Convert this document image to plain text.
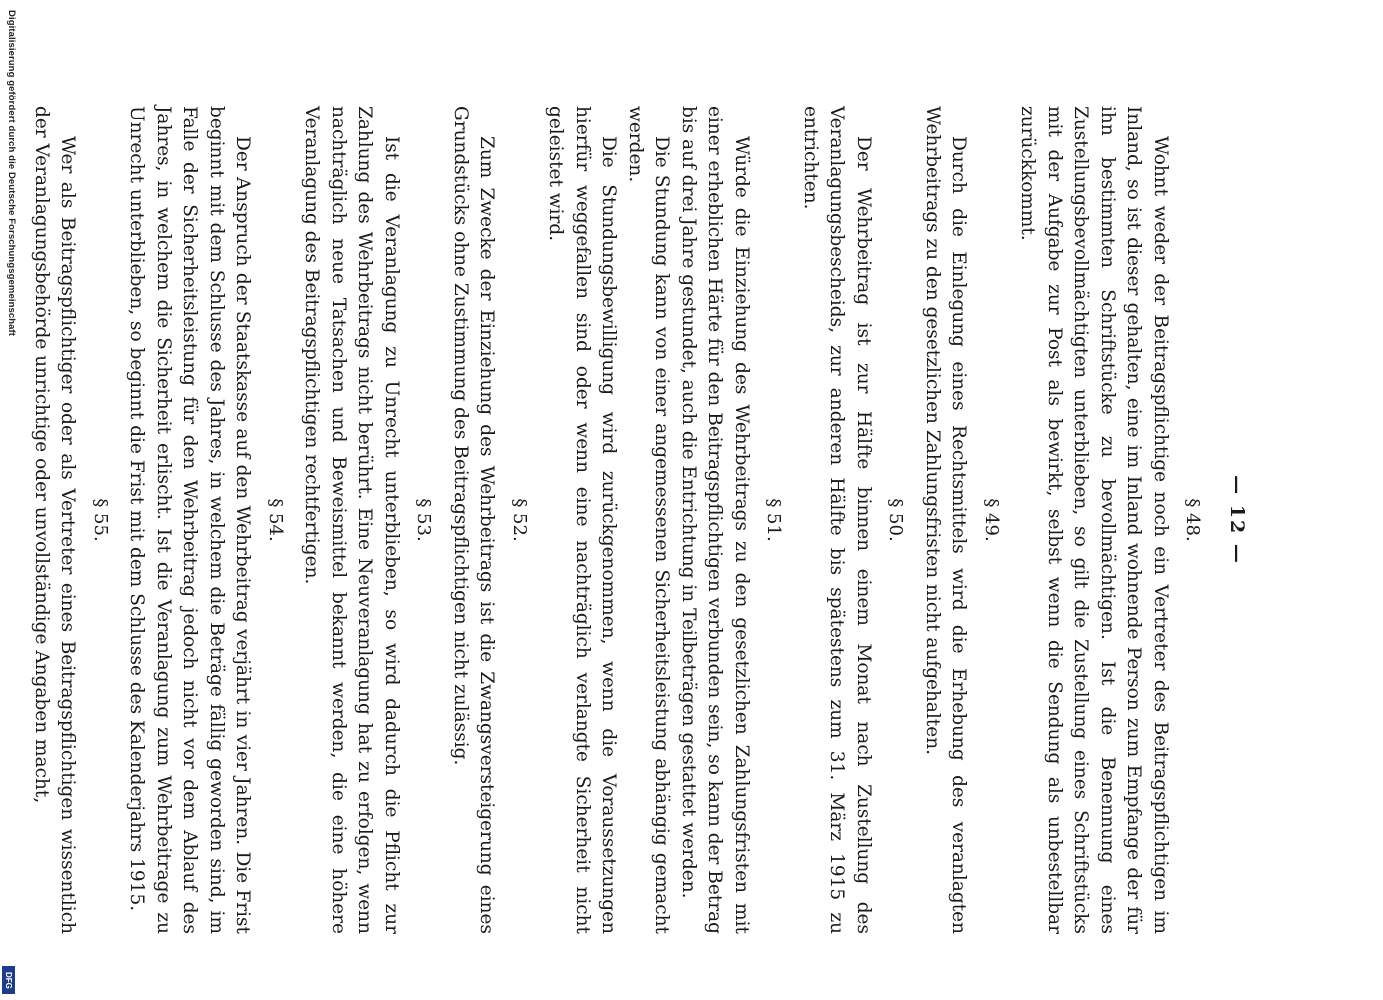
Digitalisierung gefördert durch die Deutsche Forschungsgemeinschaft
DFG
— 12 —
§ 48.

Wohnt weder der Beitragspflichtige noch ein Vertreter des Beitragspflichtigen im Inland, so ist dieser gehalten, eine im Inland wohnende Person zum Empfange der für ihn bestimmten Schriftstücke zu bevollmächtigen. Ist die Benennung eines Zustellungsbevollmächtigten unterblieben, so gilt die Zustellung eines Schriftstücks mit der Aufgabe zur Post als bewirkt, selbst wenn die Sendung als unbestellbar zurückkommt.

§ 49.

Durch die Einlegung eines Rechtsmittels wird die Erhebung des veranlagten Wehrbeitrags zu den gesetzlichen Zahlungsfristen nicht aufgehalten.

§ 50.

Der Wehrbeitrag ist zur Hälfte binnen einem Monat nach Zustellung des Veranlagungsbescheids, zur anderen Hälfte bis spätestens zum 31. März 1915 zu entrichten.

§ 51.

Würde die Einziehung des Wehrbeitrags zu den gesetzlichen Zahlungsfristen mit einer erheblichen Härte für den Beitragspflichtigen verbunden sein, so kann der Betrag bis auf drei Jahre gestundet, auch die Entrichtung in Teilbeträgen gestattet werden.

Die Stundung kann von einer angemessenen Sicherheitsleistung abhängig gemacht werden.

Die Stundungsbewilligung wird zurückgenommen, wenn die Voraussetzungen hierfür weggefallen sind oder wenn eine nachträglich verlangte Sicherheit nicht geleistet wird.

§ 52.

Zum Zwecke der Einziehung des Wehrbeitrags ist die Zwangsversteigerung eines Grundstücks ohne Zustimmung des Beitragspflichtigen nicht zulässig.

§ 53.

Ist die Veranlagung zu Unrecht unterblieben, so wird dadurch die Pflicht zur Zahlung des Wehrbeitrags nicht berührt. Eine Neuveranlagung hat zu erfolgen, wenn nachträglich neue Tatsachen und Beweismittel bekannt werden, die eine höhere Veranlagung des Beitragspflichtigen rechtfertigen.

§ 54.

Der Anspruch der Staatskasse auf den Wehrbeitrag verjährt in vier Jahren. Die Frist beginnt mit dem Schlusse des Jahres, in welchem die Beträge fällig geworden sind, im Falle der Sicherheitsleistung für den Wehrbeitrag jedoch nicht vor dem Ablauf des Jahres, in welchem die Sicherheit erlischt. Ist die Veranlagung zum Wehrbeitrage zu Unrecht unterblieben, so beginnt die Frist mit dem Schlusse des Kalenderjahrs 1915.

§ 55.

Wer als Beitragspflichtiger oder als Vertreter eines Beitragspflichtigen wissentlich der Veranlagungsbehörde unrichtige oder unvollständige Angaben macht,
